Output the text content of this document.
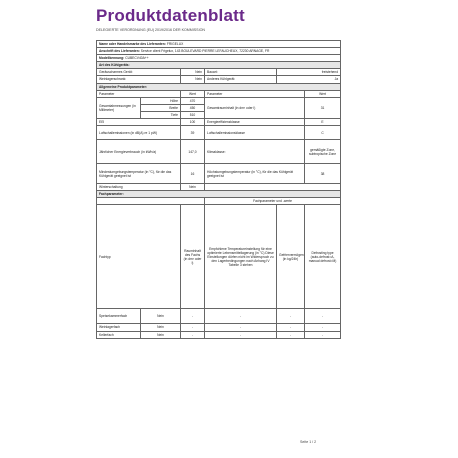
Produktdatenblatt
DELEGIERTE VERORDNUNG (EU) 2019/2016 DER KOMMISSION
Name oder Handelsmarke des Lieferanten: FRIGELUX					
Anschrift des Lieferanten: Service client Frigelux, 143 BOULEVARD PIERRE LEFAUCHEUX, 72230 ARNAGE, FR					
Modellkennung: CUBECV40A++					
Art des Kühlgeräts:					
Geräuscharmes Gerät:		Nein	Bauart:	freistehend	
Weinlagerschrank:		Nein	Anderes Kühlgerät:	Ja	
Allgemeine Produktparameter:					
Parameter		Wert	Parameter		Wert
Gesamtabmessungen (in Millimeter)	Höhe	470	Gesamtrauminhalt (in dm³ oder l)		31
	Breite	450			
	Tiefe	510			
EEI		100	Energieeffizienzklasse		E
Luftschallemissionen (in dB(A) re 1 pW)		39	Luftschallemissionsklasse		C
Jährlicher Energieverbrauch (in kWh/a)		147,0	Klimaklasse:		gemäßigte Zone, subtropische Zone
Mindestumgebungstemperatur (in °C), für die das Kühlgerät geeignet ist		16	Höchstumgebungstemperatur (in °C), für die das Kühlgerät geeignet ist		38
Winterschaltung		Nein			
Fachparameter:					
			Fachparameter und -werte		
Fachtyp		Rauminhalt des Fachs (in dm³ oder l)	Empfohlene Temperatureinstellung für eine optimierte Lebensmittellagerung (in °C) Diese Einstellungen dürfen nicht im Widerspruch zu den Lagerbedingungen nach Anhang IV Tabelle 3 stehen	Gefriervermögen (in kg/24h)	Defrosting type (auto-defrost=A, manual defrost=M)
Speisekammerfach	Nein	-	-	-	-
Weinlagerfach	Nein	-	-	-	-
Kellerfach	Nein	-	-	-	-
Seite 1 / 2
